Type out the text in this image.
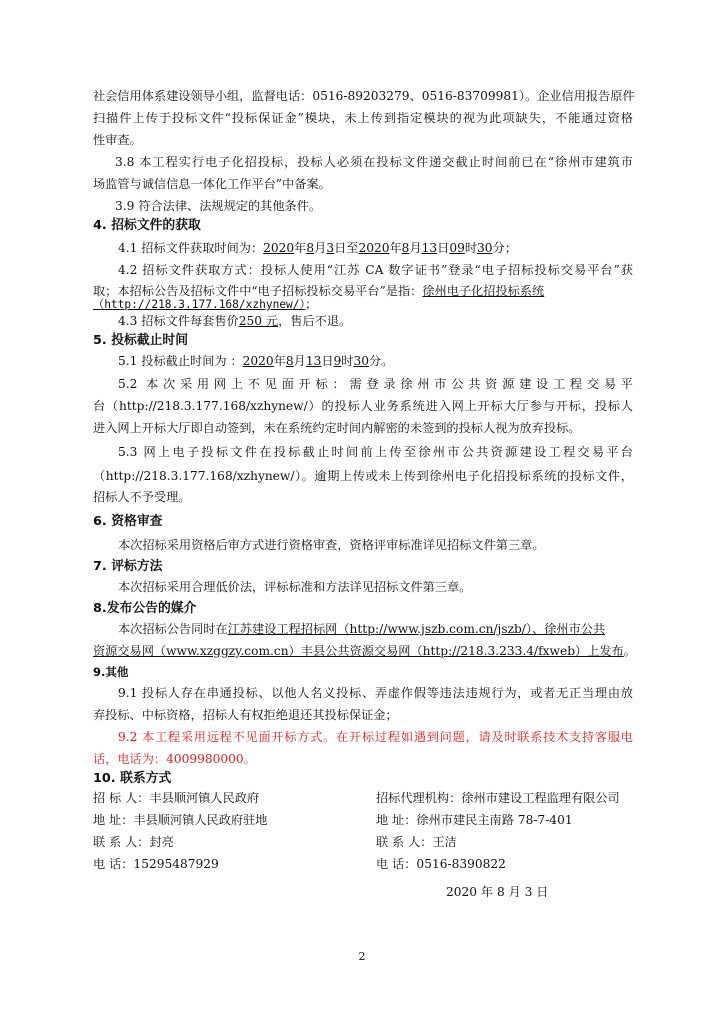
社会信用体系建设领导小组，监督电话：0516-89203279、0516-83709981）。企业信用报告原件
扫描件上传于投标文件“投标保证金”模块，未上传到指定模块的视为此项缺失，不能通过资格
性审查。
3.8 本工程实行电子化招投标，投标人必须在投标文件递交截止时间前已在“徐州市建筑市
场监管与诚信信息一体化工作平台”中备案。
3.9 符合法律、法规规定的其他条件。
4. 招标文件的获取
4.1 招标文件获取时间为：2020年8月3日至2020年8月13日09时30分；
4.2 招标文件获取方式：投标人使用“江苏 CA 数字证书”登录“电子招标投标交易平台”获
取；本招标公告及招标文件中“电子招标投标交易平台”是指：徐州电子化招投标系统
（http://218.3.177.168/xzhynew/）；
4.3 招标文件每套售价250 元，售后不退。
5. 投标截止时间
5.1 投标截止时间为 ：2020年8月13日9时30分。
5.2 本次采用网上不见面开标：需登录徐州市公共资源建设工程交易平
台（http://218.3.177.168/xzhynew/）的投标人业务系统进入网上开标大厅参与开标，投标人
进入网上开标大厅即自动签到，未在系统约定时间内解密的未签到的投标人视为放弃投标。
5.3 网上电子投标文件在投标截止时间前上传至徐州市公共资源建设工程交易平台
（http://218.3.177.168/xzhynew/）。逾期上传或未上传到徐州电子化招投标系统的投标文件，
招标人不予受理。
6. 资格审查
本次招标采用资格后审方式进行资格审查，资格评审标准详见招标文件第三章。
7. 评标方法
本次招标采用合理低价法，评标标准和方法详见招标文件第三章。
8.发布公告的媒介
本次招标公告同时在江苏建设工程招标网（http://www.jszb.com.cn/jszb/）、徐州市公共
资源交易网（www.xzggzy.com.cn）丰县公共资源交易网（http://218.3.233.4/fxweb）上发布。
9.其他
9.1 投标人存在串通投标、以他人名义投标、弄虚作假等违法违规行为，或者无正当理由放
弃投标、中标资格，招标人有权拒绝退还其投标保证金；
9.2 本工程采用远程不见面开标方式。在开标过程如遇到问题，请及时联系技术支持客服电
话，电话为：4009980000。
10. 联系方式
招 标 人：丰县顺河镇人民政府
地 址：丰县顺河镇人民政府驻地
联 系 人：封亮
电 话：15295487929
招标代理机构：徐州市建设工程监理有限公司
地 址：徐州市建民主南路 78-7-401
联 系 人：王洁
电 话：0516-8390822
2020 年 8 月 3 日
2
